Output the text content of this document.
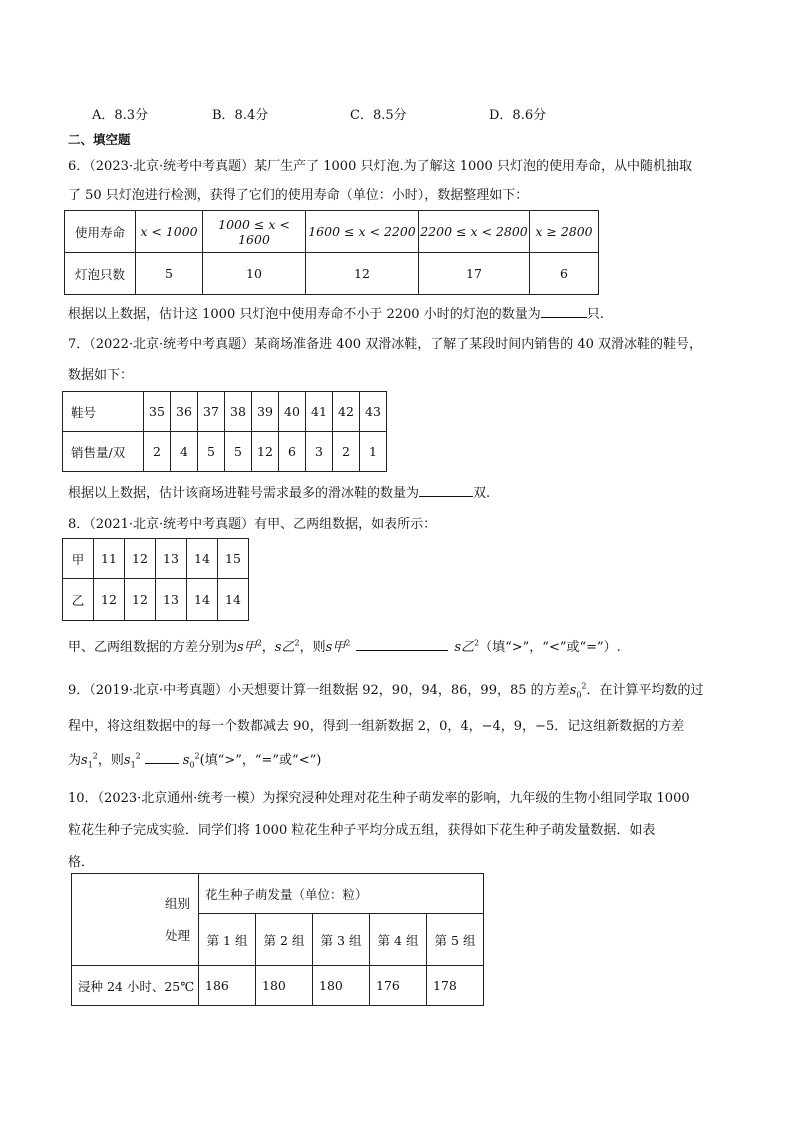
A．8.3分	B．8.4分	C．8.5分	D．8.6分
二、填空题
6．（2023·北京·统考中考真题）某厂生产了 1000 只灯泡.为了解这 1000 只灯泡的使用寿命，从中随机抽取
了 50 只灯泡进行检测，获得了它们的使用寿命（单位：小时），数据整理如下：
使用寿命	x < 1000	1000 ≤ x < 1600	1600 ≤ x < 2200	2200 ≤ x < 2800	x ≥ 2800
灯泡只数	5	10	12	17	6
根据以上数据，估计这 1000 只灯泡中使用寿命不小于 2200 小时的灯泡的数量为	只.
7．（2022·北京·统考中考真题）某商场准备进 400 双滑冰鞋，了解了某段时间内销售的 40 双滑冰鞋的鞋号，
数据如下：
鞋号	35	36	37	38	39	40	41	42	43
销售量/双	2	4	5	5	12	6	3	2	1
根据以上数据，估计该商场进鞋号需求最多的滑冰鞋的数量为	双.
8．（2021·北京·统考中考真题）有甲、乙两组数据，如表所示：
甲	11	12	13	14	15
乙	12	12	13	14	14
甲、乙两组数据的方差分别为s甲$^2$，s乙$^2$，则s甲$^2$	s乙$^2$（填“>”，“<”或“=”）.
9．（2019·北京·中考真题）小天想要计算一组数据 92，90，94，86，99，85 的方差$s_0^2$．在计算平均数的过
程中，将这组数据中的每一个数都减去 90，得到一组新数据 2，0，4，−4，9，−5．记这组新数据的方差
为$s_1^2$，则$s_1^2$	$s_0^2$(填“>”，“=”或“<”)
10．（2023·北京通州·统考一模）为探究浸种处理对花生种子萌发率的影响，九年级的生物小组同学取 1000
粒花生种子完成实验．同学们将 1000 粒花生种子平均分成五组，获得如下花生种子萌发量数据．如表
格．
组别
处理	花生种子萌发量（单位：粒）				
	第 1 组	第 2 组	第 3 组	第 4 组	第 5 组
浸种 24 小时、25℃	186	180	180	176	178
